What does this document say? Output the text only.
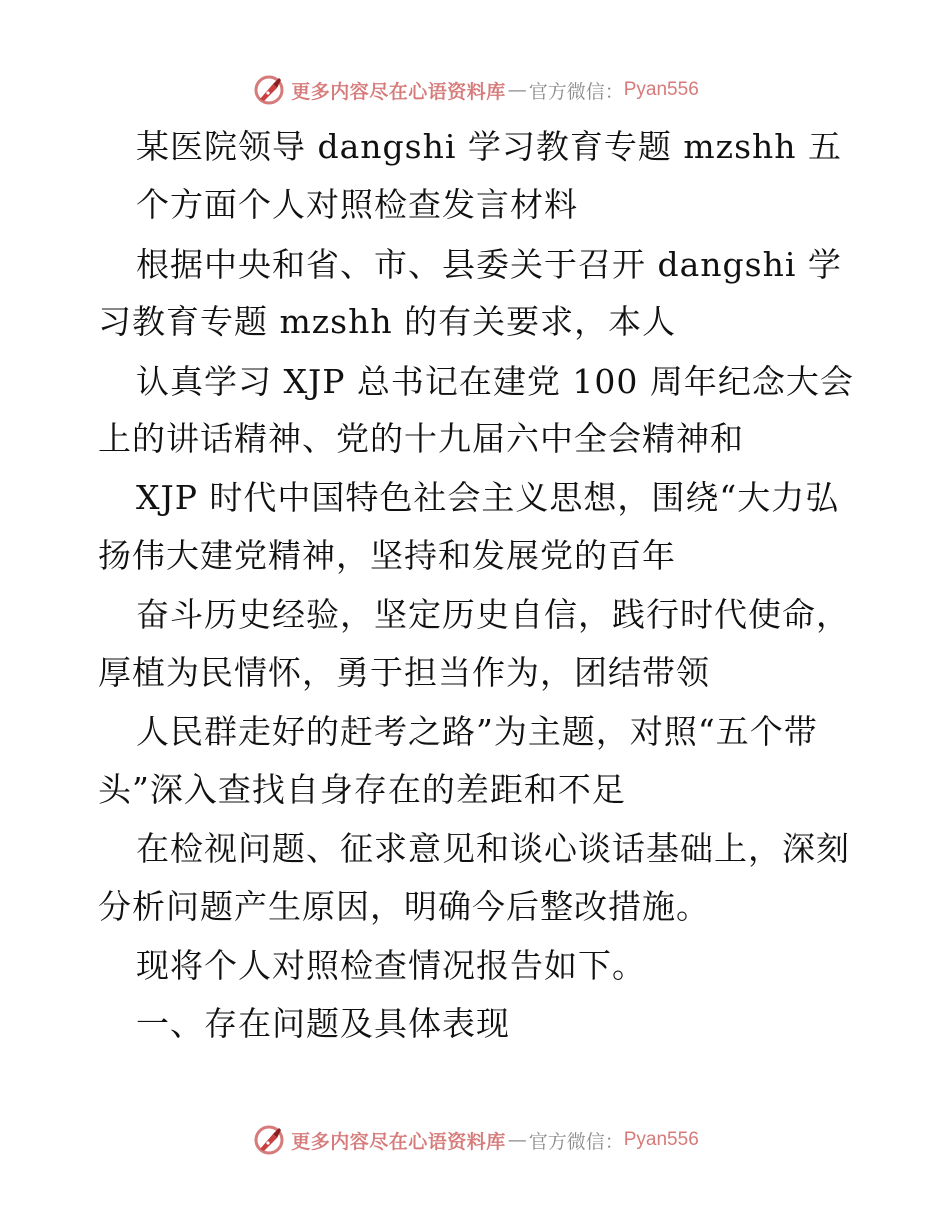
更多内容尽在心语资料库 — 官方微信： Pyan556
某医院领导 dangshi 学习教育专题 mzshh 五
个方面个人对照检查发言材料
根据中央和省、市、县委关于召开 dangshi 学
习教育专题 mzshh 的有关要求，本人
认真学习 XJP 总书记在建党 100 周年纪念大会
上的讲话精神、党的十九届六中全会精神和
XJP 时代中国特色社会主义思想，围绕“大力弘
扬伟大建党精神，坚持和发展党的百年
奋斗历史经验，坚定历史自信，践行时代使命，
厚植为民情怀，勇于担当作为，团结带领
人民群走好的赶考之路”为主题，对照“五个带
头”深入查找自身存在的差距和不足
在检视问题、征求意见和谈心谈话基础上，深刻
分析问题产生原因，明确今后整改措施。
现将个人对照检查情况报告如下。
一、存在问题及具体表现
更多内容尽在心语资料库 — 官方微信： Pyan556
